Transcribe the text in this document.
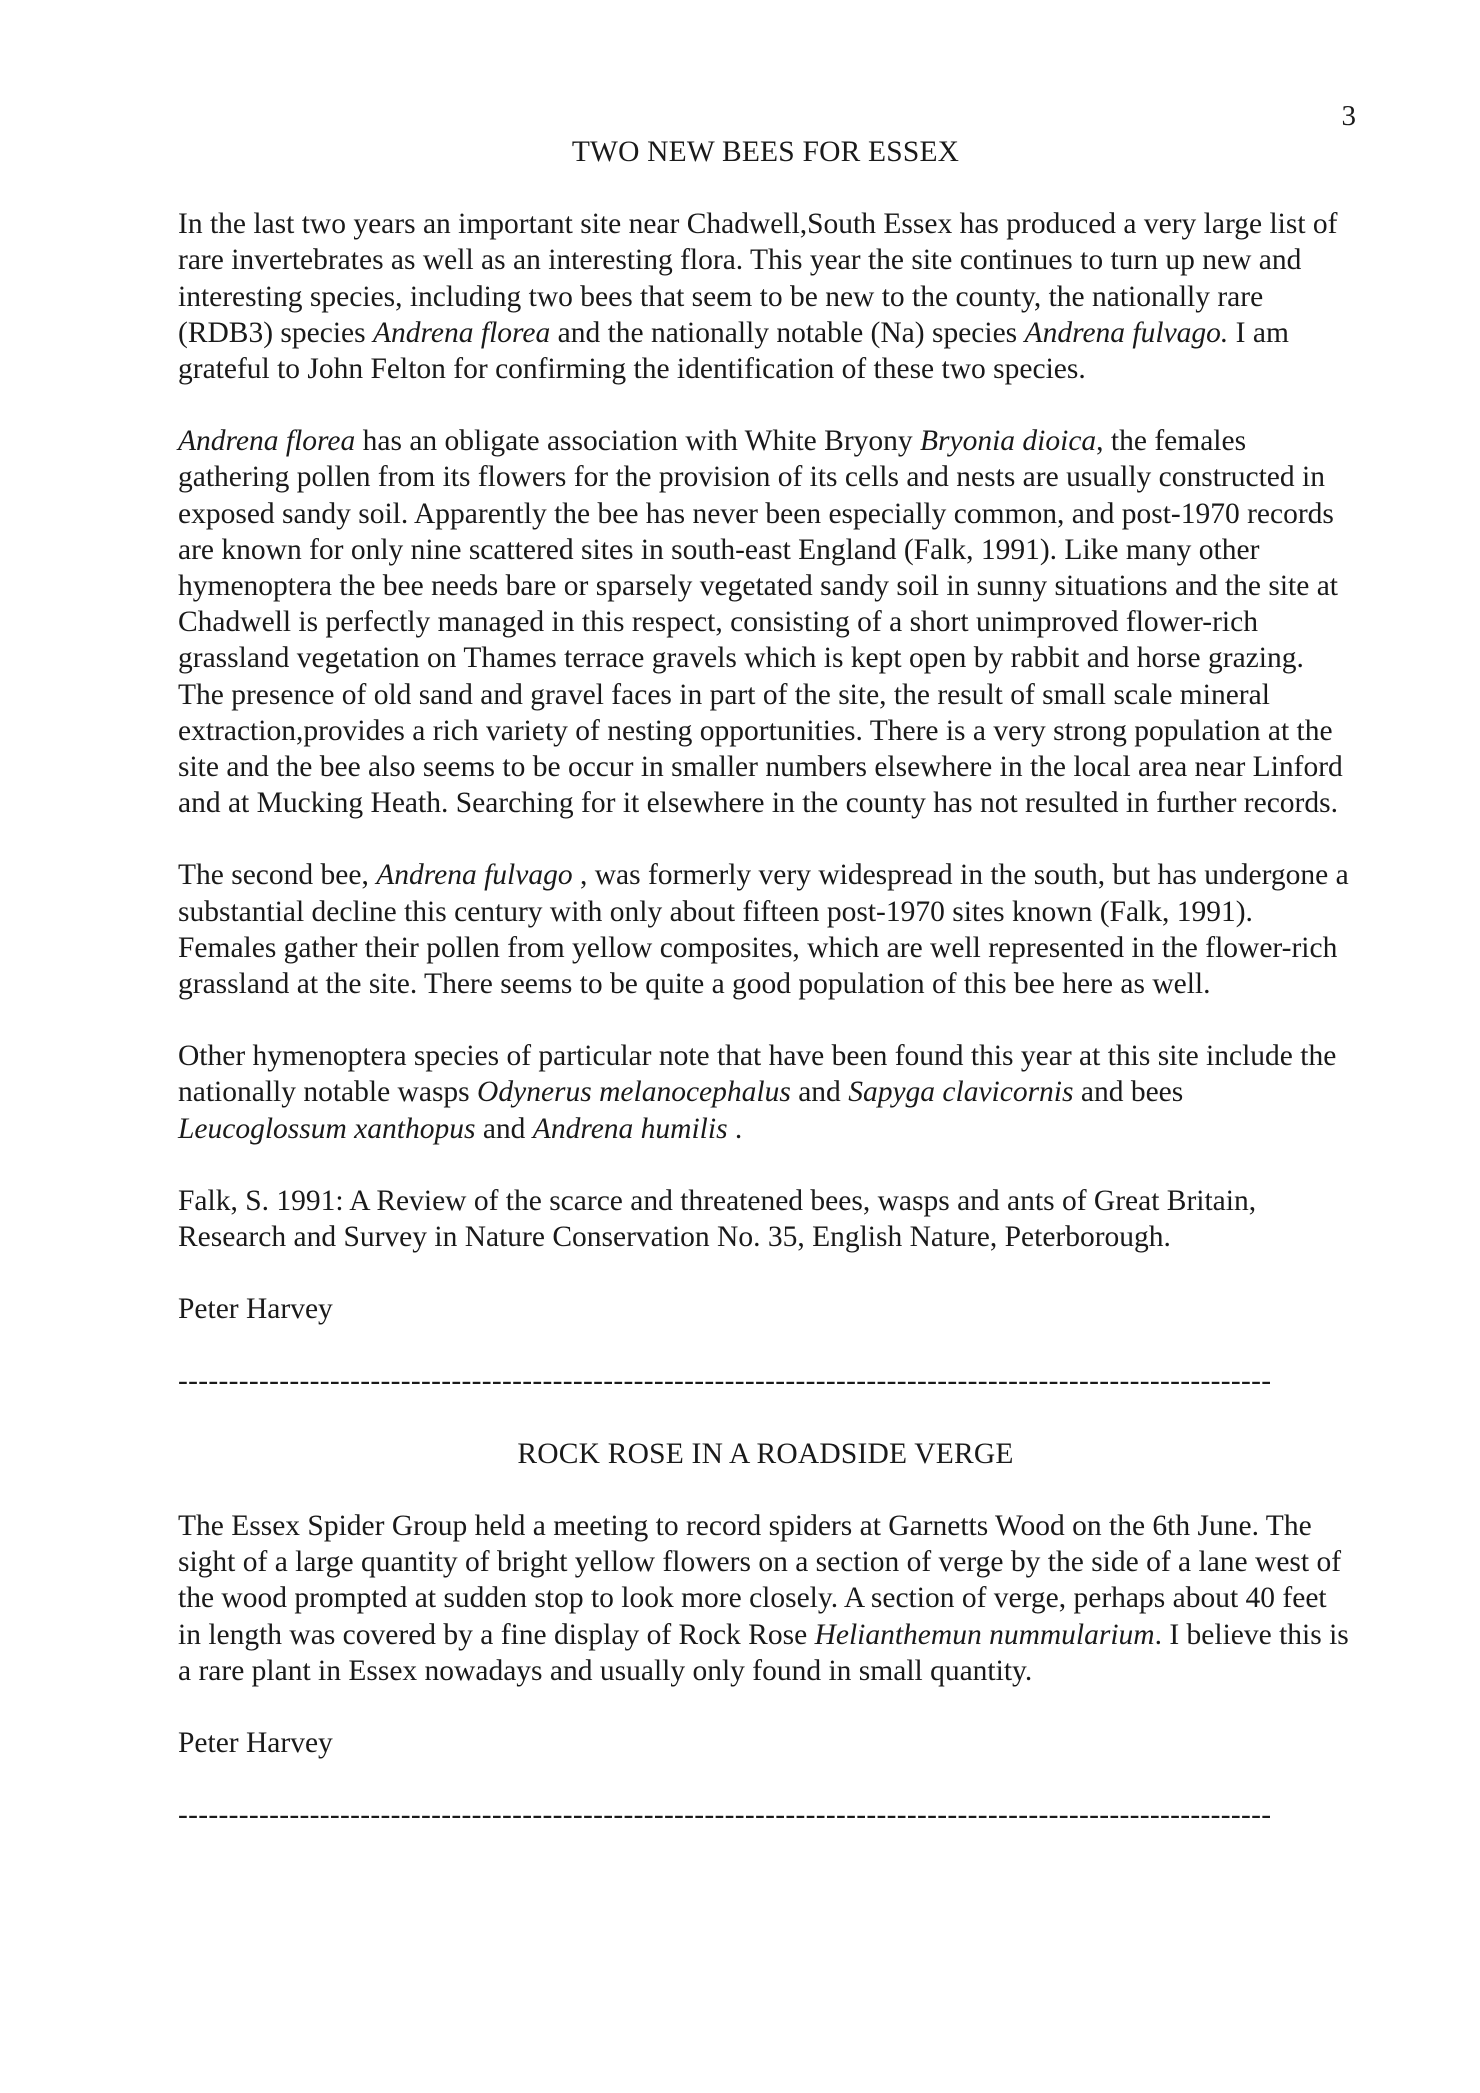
3
TWO NEW BEES FOR ESSEX

In the last two years an important site near Chadwell,South Essex has produced a very large list of rare invertebrates as well as an interesting flora. This year the site continues to turn up new and interesting species, including two bees that seem to be new to the county, the nationally rare (RDB3) species Andrena florea and the nationally notable (Na) species Andrena fulvago. I am grateful to John Felton for confirming the identification of these two species.

Andrena florea has an obligate association with White Bryony Bryonia dioica, the females gathering pollen from its flowers for the provision of its cells and nests are usually constructed in exposed sandy soil. Apparently the bee has never been especially common, and post-1970 records are known for only nine scattered sites in south-east England (Falk, 1991). Like many other hymenoptera the bee needs bare or sparsely vegetated sandy soil in sunny situations and the site at Chadwell is perfectly managed in this respect, consisting of a short unimproved flower-rich grassland vegetation on Thames terrace gravels which is kept open by rabbit and horse grazing. The presence of old sand and gravel faces in part of the site, the result of small scale mineral extraction,provides a rich variety of nesting opportunities. There is a very strong population at the site and the bee also seems to be occur in smaller numbers elsewhere in the local area near Linford and at Mucking Heath. Searching for it elsewhere in the county has not resulted in further records.

The second bee, Andrena fulvago , was formerly very widespread in the south, but has undergone a substantial decline this century with only about fifteen post-1970 sites known (Falk, 1991). Females gather their pollen from yellow composites, which are well represented in the flower-rich grassland at the site. There seems to be quite a good population of this bee here as well.

Other hymenoptera species of particular note that have been found this year at this site include the nationally notable wasps Odynerus melanocephalus and Sapyga clavicornis and bees Leucoglossum xanthopus and Andrena humilis .

Falk, S. 1991: A Review of the scarce and threatened bees, wasps and ants of Great Britain, Research and Survey in Nature Conservation No. 35, English Nature, Peterborough.

Peter Harvey

------------------------------------------------------------------------------------------------------------
ROCK ROSE IN A ROADSIDE VERGE

The Essex Spider Group held a meeting to record spiders at Garnetts Wood on the 6th June. The sight of a large quantity of bright yellow flowers on a section of verge by the side of a lane west of the wood prompted at sudden stop to look more closely. A section of verge, perhaps about 40 feet in length was covered by a fine display of Rock Rose Helianthemun nummularium. I believe this is a rare plant in Essex nowadays and usually only found in small quantity.

Peter Harvey

------------------------------------------------------------------------------------------------------------
